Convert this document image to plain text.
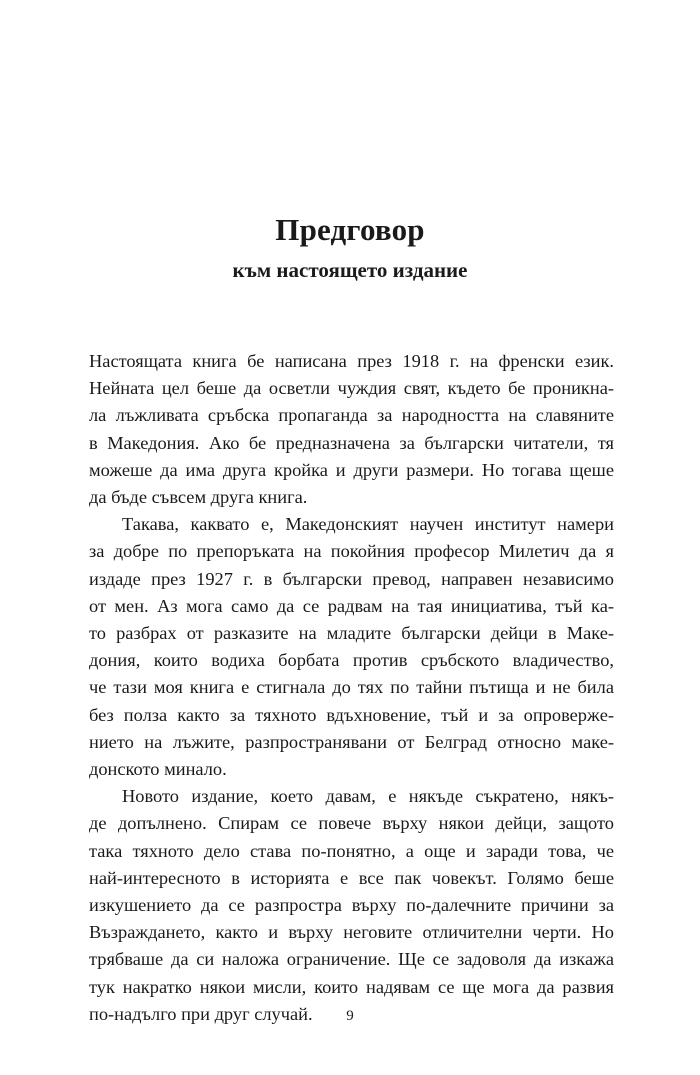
Предговор
към настоящето издание
Настоящата книга бе написана през 1918 г. на френски език.
Нейната цел беше да осветли чуждия свят, където бе проникна-
ла лъжливата сръбска пропаганда за народността на славяните
в Македония. Ако бе предназначена за български читатели, тя
можеше да има друга кройка и други размери. Но тогава щеше
да бъде съвсем друга книга.
Такава, каквато е, Македонският научен институт намери
за добре по препоръката на покойния професор Милетич да я
издаде през 1927 г. в български превод, направен независимо
от мен. Аз мога само да се радвам на тая инициатива, тъй ка-
то разбрах от разказите на младите български дейци в Маке-
дония, които водиха борбата против сръбското владичество,
че тази моя книга е стигнала до тях по тайни пътища и не била
без полза както за тяхното вдъхновение, тъй и за опровержe-
нието на лъжите, разпространявани от Белград относно маке-
донското минало.
Новото издание, което давам, е някъде съкратено, някъ-
де допълнено. Спирам се повече върху някои дейци, защото
така тяхното дело става по-понятно, а още и заради това, че
най-интересното в историята е все пак човекът. Голямо беше
изкушението да се разпростра върху по-далечните причини за
Възраждането, както и върху неговите отличителни черти. Но
трябваше да си наложа ограничение. Ще се задоволя да изкажа
тук накратко някои мисли, които надявам се ще мога да развия
по-надълго при друг случай.	9
